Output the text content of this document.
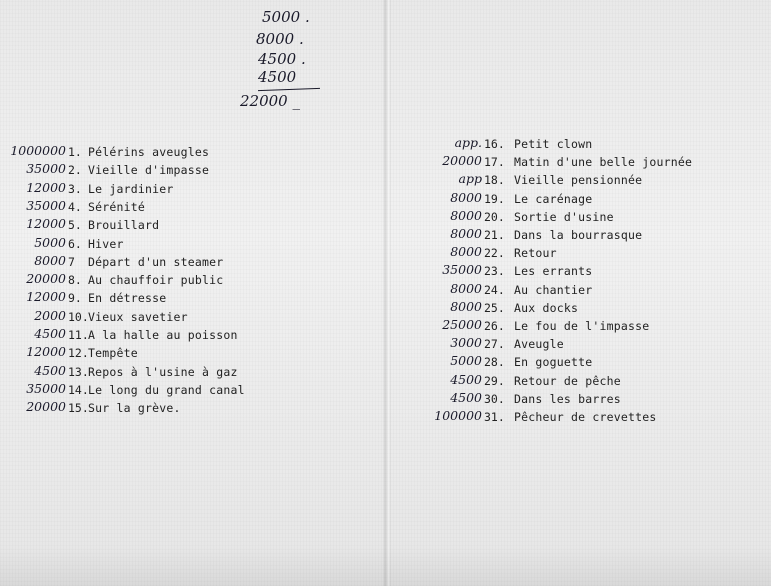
5000 .
8000 .
4500 .
4500
22000 _
1000000 1. Pélérins aveugles
35000 2. Vieille d'impasse
12000 3. Le jardinier
35000 4. Sérénité
12000 5. Brouillard
5000 6. Hiver
8000 7 Départ d'un steamer
20000 8. Au chauffoir public
12000 9. En détresse
2000 10. Vieux savetier
4500 11. A la halle au poisson
12000 12. Tempête
4500 13. Repos à l'usine à gaz
35000 14. Le long du grand canal
20000 15. Sur la grève.
app. 16. Petit clown
20000 17. Matin d'une belle journée
app 18. Vieille pensionnée
8000 19. Le carénage
8000 20. Sortie d'usine
8000 21. Dans la bourrasque
8000 22. Retour
35000 23. Les errants
8000 24. Au chantier
8000 25. Aux docks
25000 26. Le fou de l'impasse
3000 27. Aveugle
5000 28. En goguette
4500 29. Retour de pêche
4500 30. Dans les barres
100000 31. Pêcheur de crevettes
